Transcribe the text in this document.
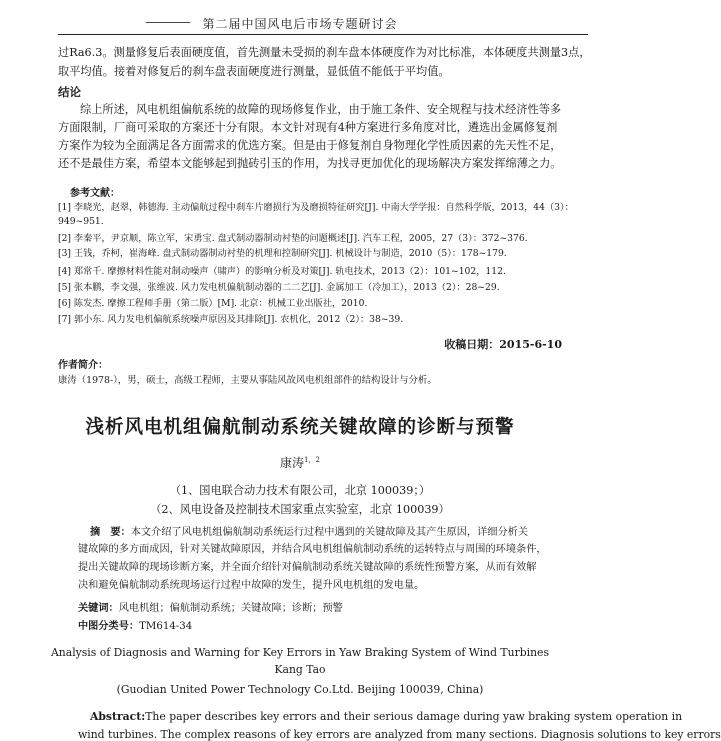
第二届中国风电后市场专题研讨会
过Ra6.3。测量修复后表面硬度值，首先测量未受损的刹车盘本体硬度作为对比标准，本体硬度共测量3点，
取平均值。接着对修复后的刹车盘表面硬度进行测量，显低值不能低于平均值。
结论
综上所述，风电机组偏航系统的故障的现场修复作业，由于施工条件、安全规程与技术经济性等多
方面限制，厂商可采取的方案还十分有限。本文针对现有4种方案进行多角度对比，遴选出金属修复剂
方案作为较为全面满足各方面需求的优选方案。但是由于修复剂自身物理化学性质因素的先天性不足，
还不是最佳方案，希望本文能够起到抛砖引玉的作用，为找寻更加优化的现场解决方案发挥绵薄之力。
参考文献：
[1] 李晓光，赵翠，韩德海. 主动偏航过程中刹车片磨损行为及磨损特征研究[J]. 中南大学学报：自然科学版，2013，44（3）：
949~951.
[2] 李秦平，尹京顺，陈立军，宋勇宝. 盘式制动器制动衬垫的问题概述[J]. 汽车工程，2005，27（3）：372~376.
[3] 王钱，乔柯，崔海峰. 盘式制动器制动衬垫的机理和控制研究[J]. 机械设计与制造，2010（5）：178~179.
[4] 郑常千. 摩擦材料性能对制动噪声（啸声）的影响分析及对策[J]. 轨电技术，2013（2）：101~102，112.
[5] 张本鹏，李文强，张维波. 风力发电机偏航制动器的二二艺[J]. 金属加工（冷加工），2013（2）：28~29.
[6] 陈发杰. 摩擦工程师手册（第二版）[M]. 北京：机械工业出版社，2010.
[7] 郭小东. 风力发电机偏航系统噪声原因及其排除[J]. 农机化，2012（2）：38~39.
收稿日期：2015-6-10
作者简介：
康涛（1978-），男，硕士，高级工程师，主要从事陆风故风电机组部件的结构设计与分析。
浅析风电机组偏航制动系统关键故障的诊断与预警
康涛$^{1,2}$
（1、国电联合动力技术有限公司，北京 100039；）
（2、风电设备及控制技术国家重点实验室，北京 100039）
摘　要：本文介绍了风电机组偏航制动系统运行过程中遇到的关键故障及其产生原因，详细分析关
键故障的多方面成因，针对关键故障原因，并结合风电机组偏航制动系统的运转特点与周围的环境条件，
提出关键故障的现场诊断方案，并全面介绍针对偏航制动系统关键故障的系统性预警方案，从而有效解
决和避免偏航制动系统现场运行过程中故障的发生，提升风电机组的发电量。
关键词：风电机组；偏航制动系统；关键故障；诊断；预警
中图分类号：TM614-34
Analysis of Diagnosis and Warning for Key Errors in Yaw Braking System of Wind Turbines
Kang Tao
(Guodian United Power Technology Co.Ltd. Beijing 100039, China)
Abstract:The paper describes key errors and their serious damage during yaw braking system operation in
wind turbines. The complex reasons of key errors are analyzed from many sections. Diagnosis solutions to key errors
